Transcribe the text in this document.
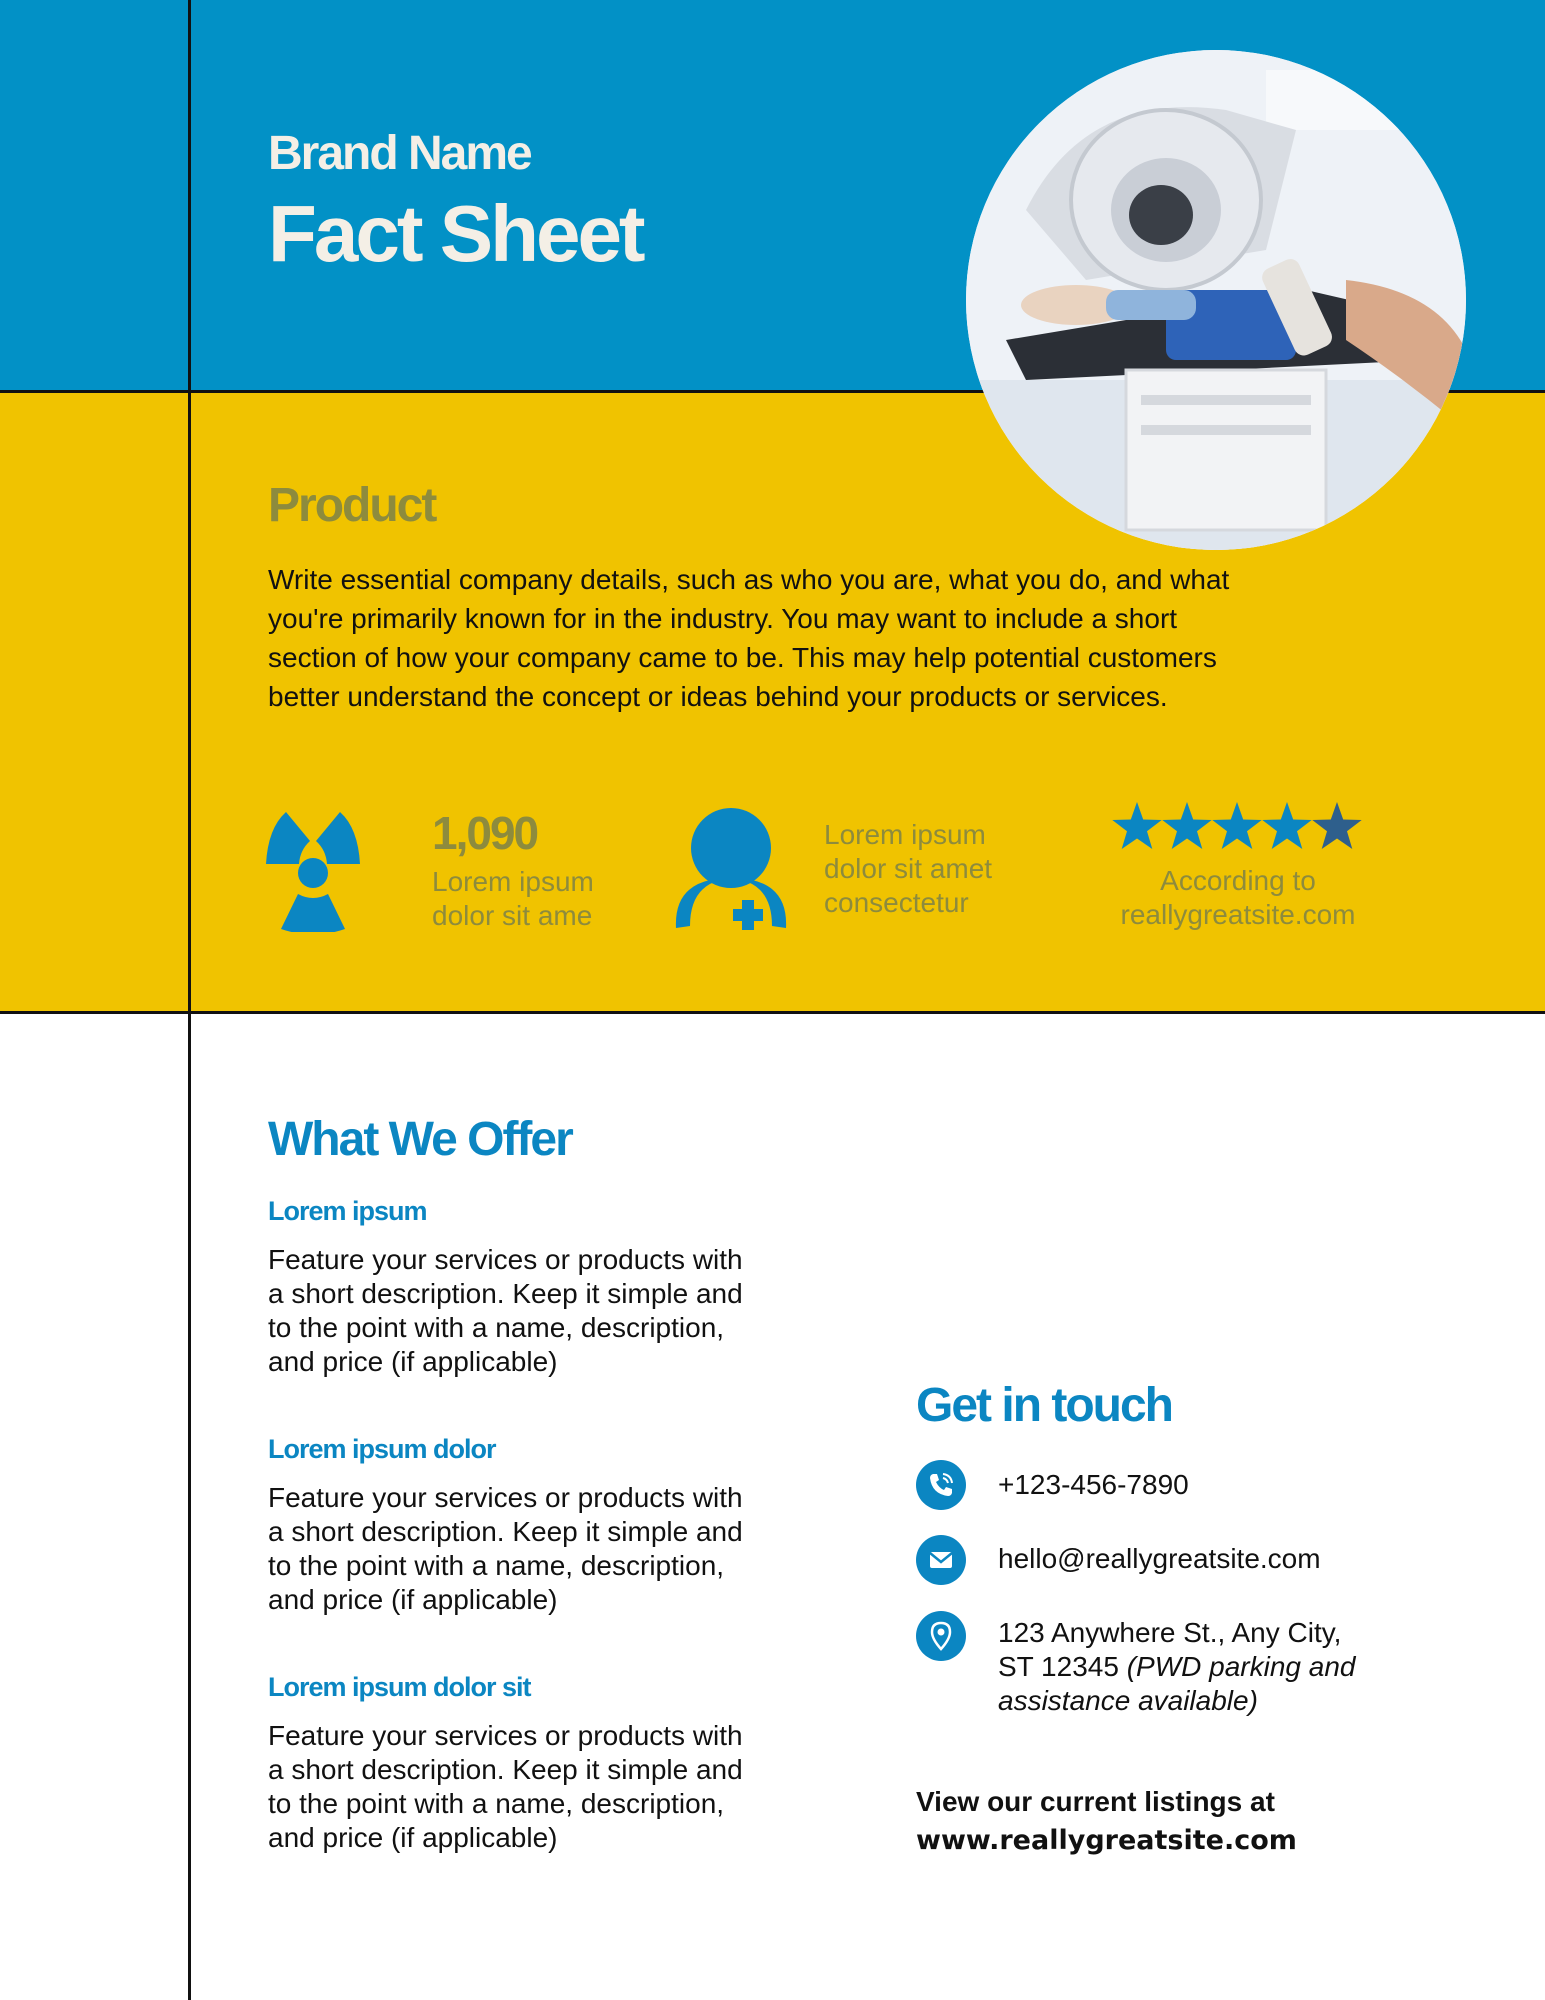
Brand Name
Fact Sheet
Product
Write essential company details, such as who you are, what you do, and what you're primarily known for in the industry. You may want to include a short section of how your company came to be. This may help potential customers better understand the concept or ideas behind your products or services.
1,090
Lorem ipsum
dolor sit ame
Lorem ipsum
dolor sit amet
consectetur
According to
reallygreatsite.com
What We Offer
Lorem ipsum
Feature your services or products with
a short description. Keep it simple and
to the point with a name, description,
and price (if applicable)
Lorem ipsum dolor
Feature your services or products with
a short description. Keep it simple and
to the point with a name, description,
and price (if applicable)
Lorem ipsum dolor sit
Feature your services or products with
a short description. Keep it simple and
to the point with a name, description,
and price (if applicable)
Get in touch
+123-456-7890
hello@reallygreatsite.com
123 Anywhere St., Any City,
ST 12345 (PWD parking and
assistance available)
View our current listings at
www.reallygreatsite.com
